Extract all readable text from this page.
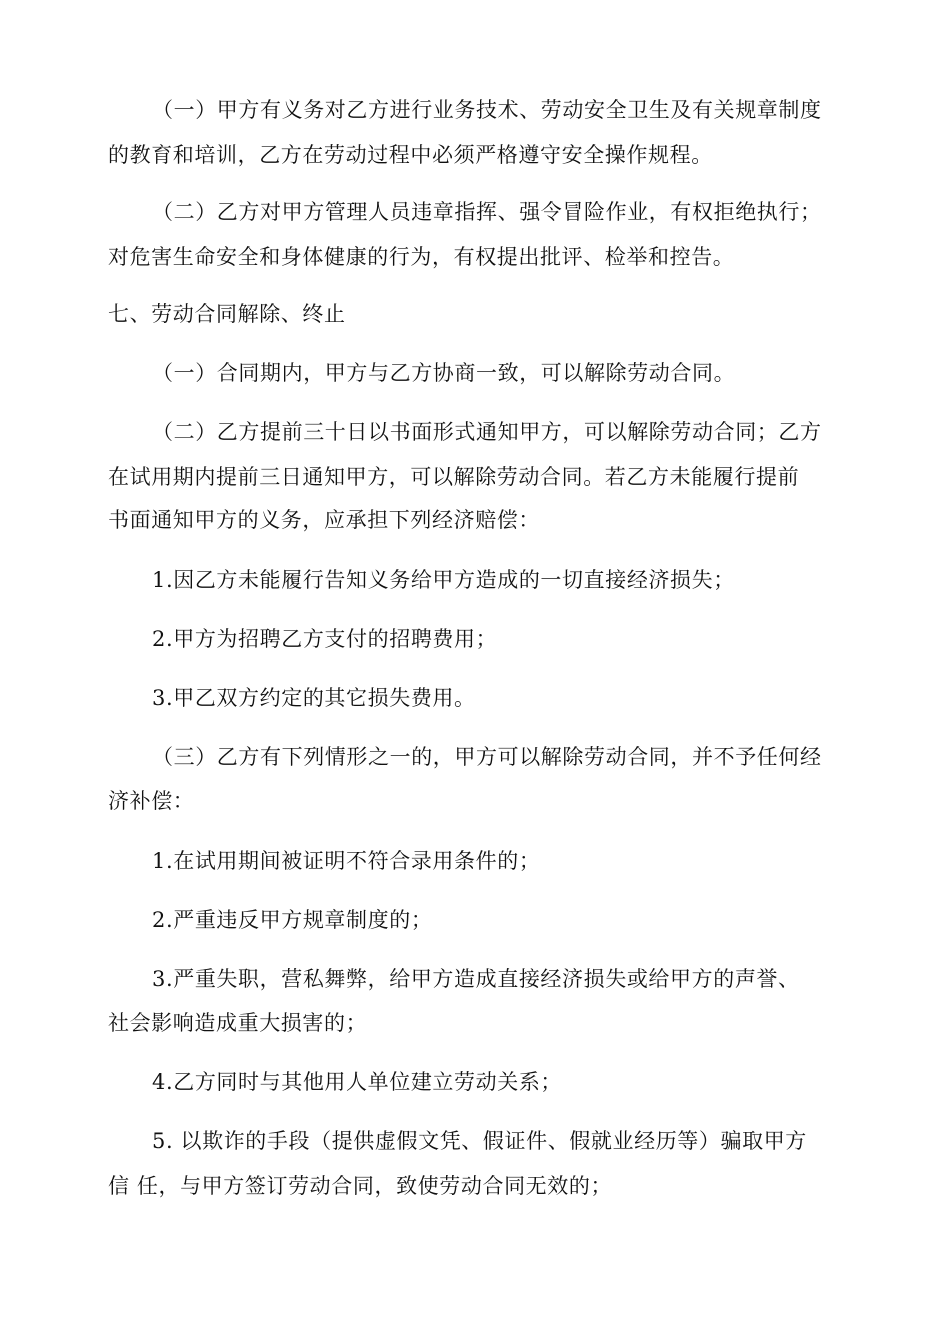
（一）甲方有义务对乙方进行业务技术、劳动安全卫生及有关规章制度
的教育和培训，乙方在劳动过程中必须严格遵守安全操作规程。
（二）乙方对甲方管理人员违章指挥、强令冒险作业，有权拒绝执行；
对危害生命安全和身体健康的行为，有权提出批评、检举和控告。
七、劳动合同解除、终止
（一）合同期内，甲方与乙方协商一致，可以解除劳动合同。
（二）乙方提前三十日以书面形式通知甲方，可以解除劳动合同；乙方
在试用期内提前三日通知甲方，可以解除劳动合同。若乙方未能履行提前
书面通知甲方的义务，应承担下列经济赔偿：
1.因乙方未能履行告知义务给甲方造成的一切直接经济损失；
2.甲方为招聘乙方支付的招聘费用；
3.甲乙双方约定的其它损失费用。
（三）乙方有下列情形之一的，甲方可以解除劳动合同，并不予任何经
济补偿：
1.在试用期间被证明不符合录用条件的；
2.严重违反甲方规章制度的；
3.严重失职，营私舞弊，给甲方造成直接经济损失或给甲方的声誉、
社会影响造成重大损害的；
4.乙方同时与其他用人单位建立劳动关系；
5. 以欺诈的手段（提供虚假文凭、假证件、假就业经历等）骗取甲方
信 任，与甲方签订劳动合同，致使劳动合同无效的；
